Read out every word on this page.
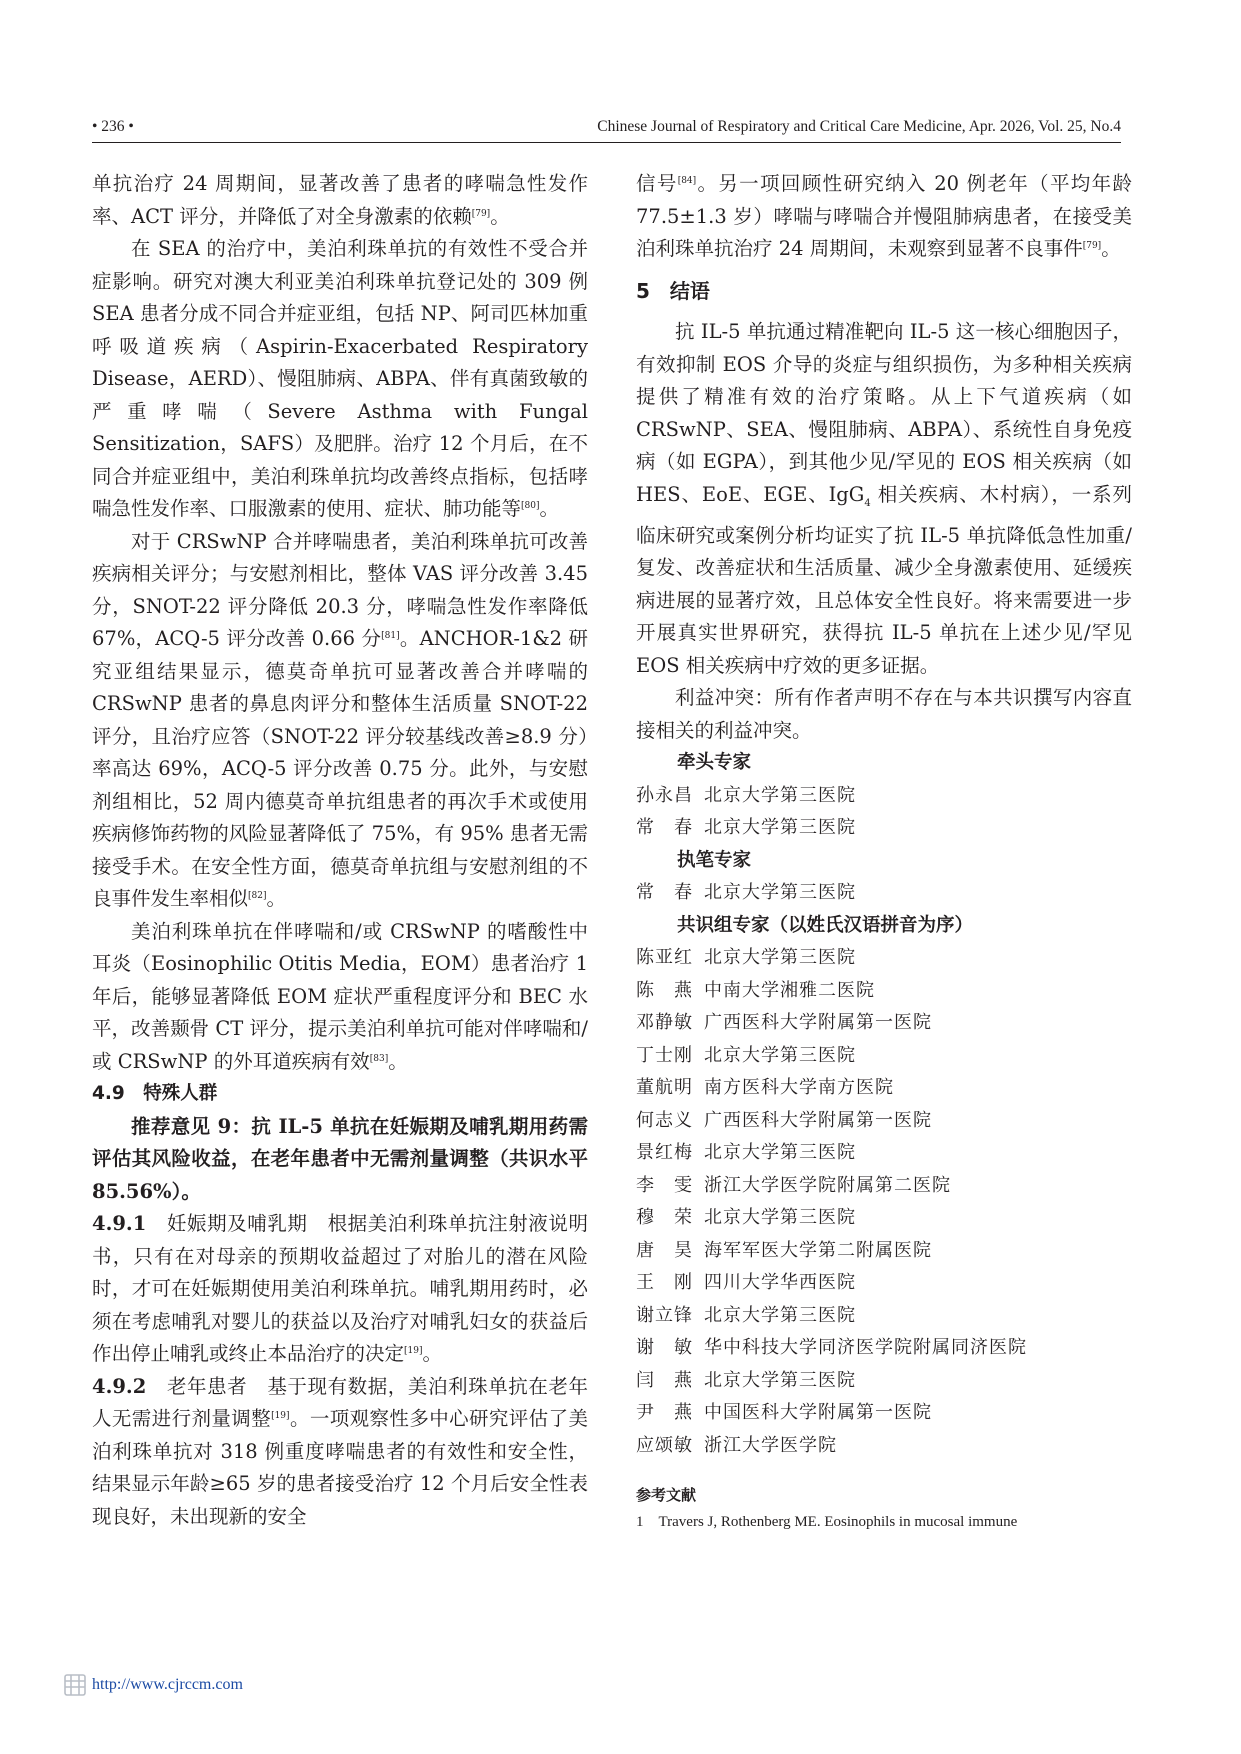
• 236 •	Chinese Journal of Respiratory and Critical Care Medicine, Apr. 2026, Vol. 25, No.4

单抗治疗 24 周期间，显著改善了患者的哮喘急性发作率、ACT 评分，并降低了对全身激素的依赖[79]。

在 SEA 的治疗中，美泊利珠单抗的有效性不受合并症影响。研究对澳大利亚美泊利珠单抗登记处的 309 例 SEA 患者分成不同合并症亚组，包括 NP、阿司匹林加重呼吸道疾病（Aspirin-Exacerbated Respiratory Disease，AERD）、慢阻肺病、ABPA、伴有真菌致敏的严重哮喘（Severe Asthma with Fungal Sensitization，SAFS）及肥胖。治疗 12 个月后，在不同合并症亚组中，美泊利珠单抗均改善终点指标，包括哮喘急性发作率、口服激素的使用、症状、肺功能等[80]。

对于 CRSwNP 合并哮喘患者，美泊利珠单抗可改善疾病相关评分；与安慰剂相比，整体 VAS 评分改善 3.45 分，SNOT-22 评分降低 20.3 分，哮喘急性发作率降低 67%，ACQ-5 评分改善 0.66 分[81]。ANCHOR-1&2 研究亚组结果显示，德莫奇单抗可显著改善合并哮喘的 CRSwNP 患者的鼻息肉评分和整体生活质量 SNOT-22 评分，且治疗应答（SNOT-22 评分较基线改善≥8.9 分）率高达 69%，ACQ-5 评分改善 0.75 分。此外，与安慰剂组相比，52 周内德莫奇单抗组患者的再次手术或使用疾病修饰药物的风险显著降低了 75%，有 95% 患者无需接受手术。在安全性方面，德莫奇单抗组与安慰剂组的不良事件发生率相似[82]。

美泊利珠单抗在伴哮喘和/或 CRSwNP 的嗜酸性中耳炎（Eosinophilic Otitis Media，EOM）患者治疗 1 年后，能够显著降低 EOM 症状严重程度评分和 BEC 水平，改善颞骨 CT 评分，提示美泊利单抗可能对伴哮喘和/或 CRSwNP 的外耳道疾病有效[83]。

4.9　特殊人群

推荐意见 9：抗 IL-5 单抗在妊娠期及哺乳期用药需评估其风险收益，在老年患者中无需剂量调整（共识水平 85.56%）。

4.9.1　 妊娠期及哺乳期　 根据美泊利珠单抗注射液说明书，只有在对母亲的预期收益超过了对胎儿的潜在风险时，才可在妊娠期使用美泊利珠单抗。哺乳期用药时，必须在考虑哺乳对婴儿的获益以及治疗对哺乳妇女的获益后作出停止哺乳或终止本品治疗的决定[19]。

4.9.2　 老年患者　 基于现有数据，美泊利珠单抗在老年人无需进行剂量调整[19]。一项观察性多中心研究评估了美泊利珠单抗对 318 例重度哮喘患者的有效性和安全性，结果显示年龄≥65 岁的患者接受治疗 12 个月后安全性表现良好，未出现新的安全

信号[84]。另一项回顾性研究纳入 20 例老年（平均年龄 77.5±1.3 岁）哮喘与哮喘合并慢阻肺病患者，在接受美泊利珠单抗治疗 24 周期间，未观察到显著不良事件[79]。

5　结语

抗 IL-5 单抗通过精准靶向 IL-5 这一核心细胞因子，有效抑制 EOS 介导的炎症与组织损伤，为多种相关疾病提供了精准有效的治疗策略。从上下气道疾病（如 CRSwNP、SEA、慢阻肺病、ABPA）、系统性自身免疫病（如 EGPA），到其他少见/罕见的 EOS 相关疾病（如 HES、EoE、EGE、IgG$_4$ 相关疾病、木村病），一系列临床研究或案例分析均证实了抗 IL-5 单抗降低急性加重/复发、改善症状和生活质量、减少全身激素使用、延缓疾病进展的显著疗效，且总体安全性良好。将来需要进一步开展真实世界研究，获得抗 IL-5 单抗在上述少见/罕见 EOS 相关疾病中疗效的更多证据。

利益冲突：所有作者声明不存在与本共识撰写内容直接相关的利益冲突。

牵头专家
孙永昌 北京大学第三医院
常　春 北京大学第三医院
执笔专家
常　春 北京大学第三医院
共识组专家（以姓氏汉语拼音为序）
陈亚红 北京大学第三医院
陈　燕 中南大学湘雅二医院
邓静敏 广西医科大学附属第一医院
丁士刚 北京大学第三医院
董航明 南方医科大学南方医院
何志义 广西医科大学附属第一医院
景红梅 北京大学第三医院
李　雯 浙江大学医学院附属第二医院
穆　荣 北京大学第三医院
唐　昊 海军军医大学第二附属医院
王　刚 四川大学华西医院
谢立锋 北京大学第三医院
谢　敏 华中科技大学同济医学院附属同济医院
闫　燕 北京大学第三医院
尹　燕 中国医科大学附属第一医院
应颂敏 浙江大学医学院
参考文献
1　Travers J, Rothenberg ME. Eosinophils in mucosal immune
http://www.cjrccm.com
